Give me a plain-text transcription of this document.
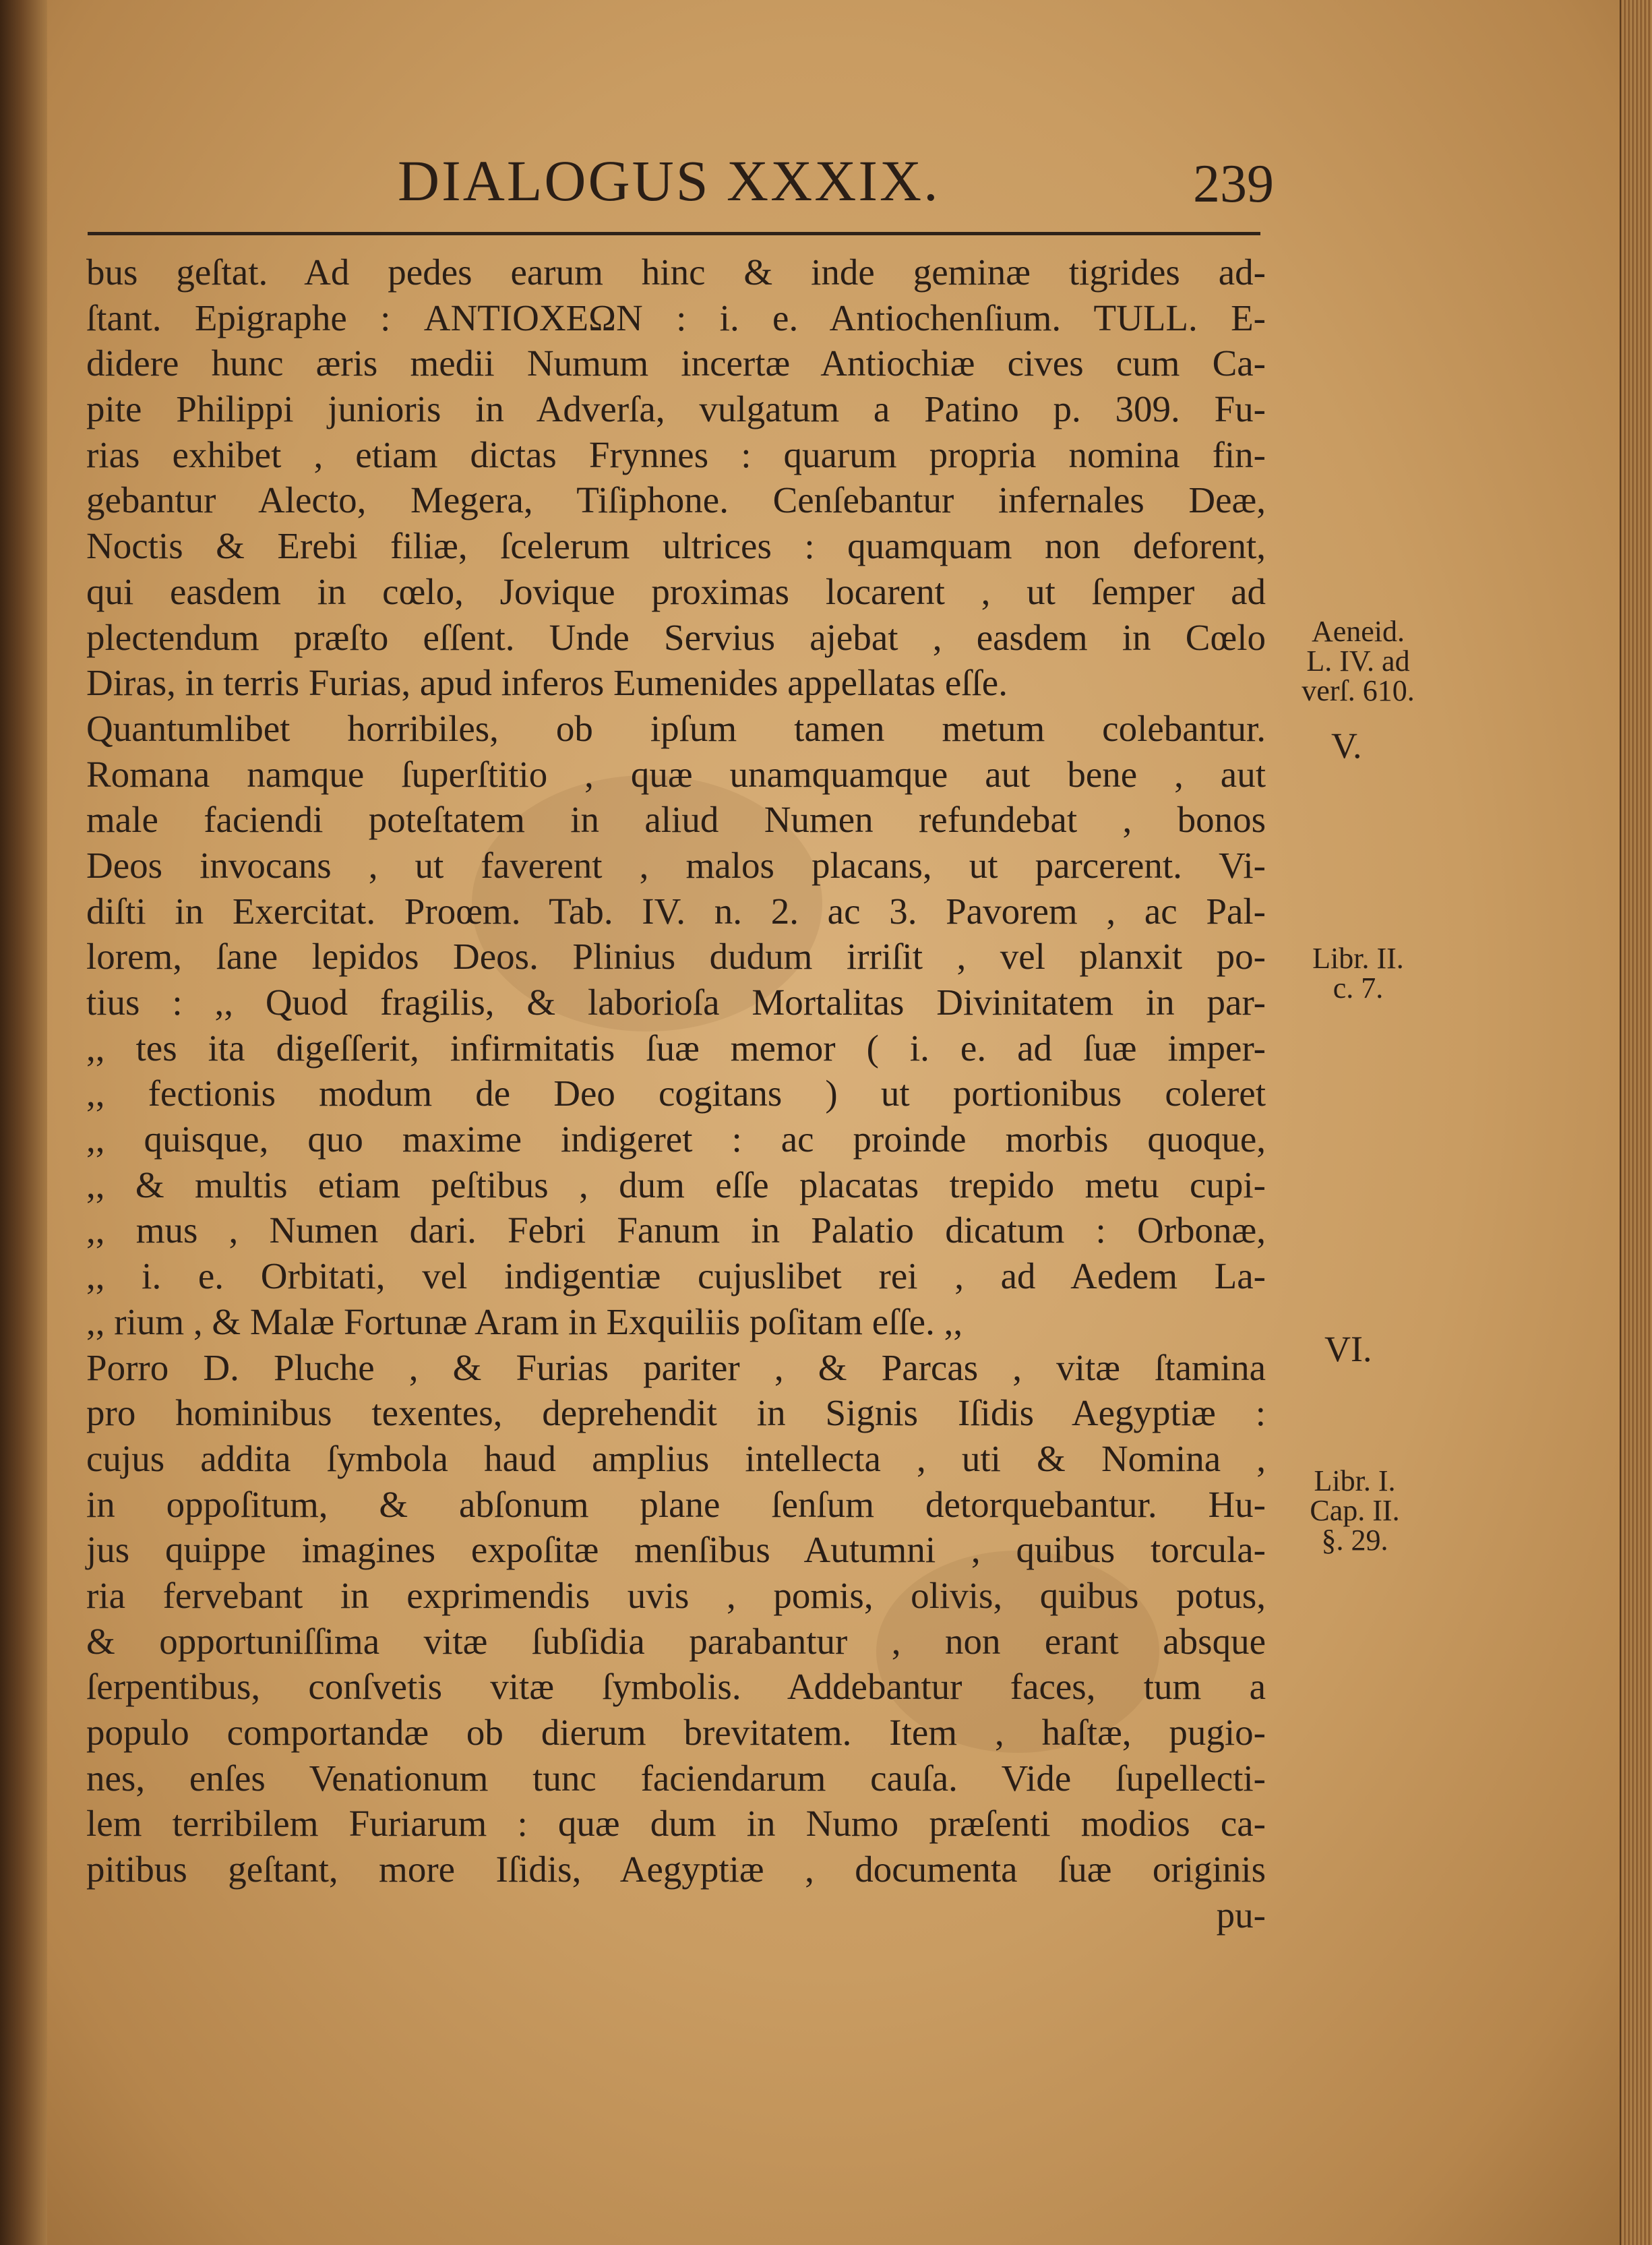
DIALOGUS XXXIX.	239
bus geſtat. Ad pedes earum hinc & inde geminæ tigrides ad-
ſtant. Epigraphe : ΑΝΤΙΟΧΕΩΝ : i. e. Antiochenſium. TULL. E-
didere hunc æris medii Numum incertæ Antiochiæ cives cum Ca-
pite Philippi junioris in Adverſa, vulgatum a Patino p. 309. Fu-
rias exhibet , etiam dictas Frynnes : quarum propria nomina fin-
gebantur Alecto, Megera, Tiſiphone. Cenſebantur infernales Deæ,
Noctis & Erebi filiæ, ſcelerum ultrices : quamquam non deforent,
qui easdem in cœlo, Jovique proximas locarent , ut ſemper ad
plectendum præſto eſſent. Unde Servius ajebat , easdem in Cœlo
Diras, in terris Furias, apud inferos Eumenides appellatas eſſe.
Quantumlibet horribiles, ob ipſum tamen metum colebantur.
Romana namque ſuperſtitio , quæ unamquamque aut bene , aut
male faciendi poteſtatem in aliud Numen refundebat , bonos
Deos invocans , ut faverent , malos placans, ut parcerent. Vi-
diſti in Exercitat. Proœm. Tab. IV. n. 2. ac 3. Pavorem , ac Pal-
lorem, ſane lepidos Deos. Plinius dudum irriſit , vel planxit po-
tius : ,, Quod fragilis, & laborioſa Mortalitas Divinitatem in par-
,, tes ita digeſſerit, infirmitatis ſuæ memor ( i. e. ad ſuæ imper-
,, fectionis modum de Deo cogitans ) ut portionibus coleret
,, quisque, quo maxime indigeret : ac proinde morbis quoque,
,, & multis etiam peſtibus , dum eſſe placatas trepido metu cupi-
,, mus , Numen dari. Febri Fanum in Palatio dicatum : Orbonæ,
,, i. e. Orbitati, vel indigentiæ cujuslibet rei , ad Aedem La-
,, rium , & Malæ Fortunæ Aram in Exquiliis poſitam eſſe. ,,
Porro D. Pluche , & Furias pariter , & Parcas , vitæ ſtamina
pro hominibus texentes, deprehendit in Signis Iſidis Aegyptiæ :
cujus addita ſymbola haud amplius intellecta , uti & Nomina ,
in oppoſitum, & abſonum plane ſenſum detorquebantur. Hu-
jus quippe imagines expoſitæ menſibus Autumni , quibus torcula-
ria fervebant in exprimendis uvis , pomis, olivis, quibus potus,
& opportuniſſima vitæ ſubſidia parabantur , non erant absque
ſerpentibus, conſvetis vitæ ſymbolis. Addebantur faces, tum a
populo comportandæ ob dierum brevitatem. Item , haſtæ, pugio-
nes, enſes Venationum tunc faciendarum cauſa. Vide ſupellecti-
lem terribilem Furiarum : quæ dum in Numo præſenti modios ca-
pitibus geſtant, more Iſidis, Aegyptiæ , documenta ſuæ originis
pu-
Aeneid.
L. IV. ad
verſ. 610.
V.
Libr. II.
c. 7.
VI.
Libr. I.
Cap. II.
§. 29.
